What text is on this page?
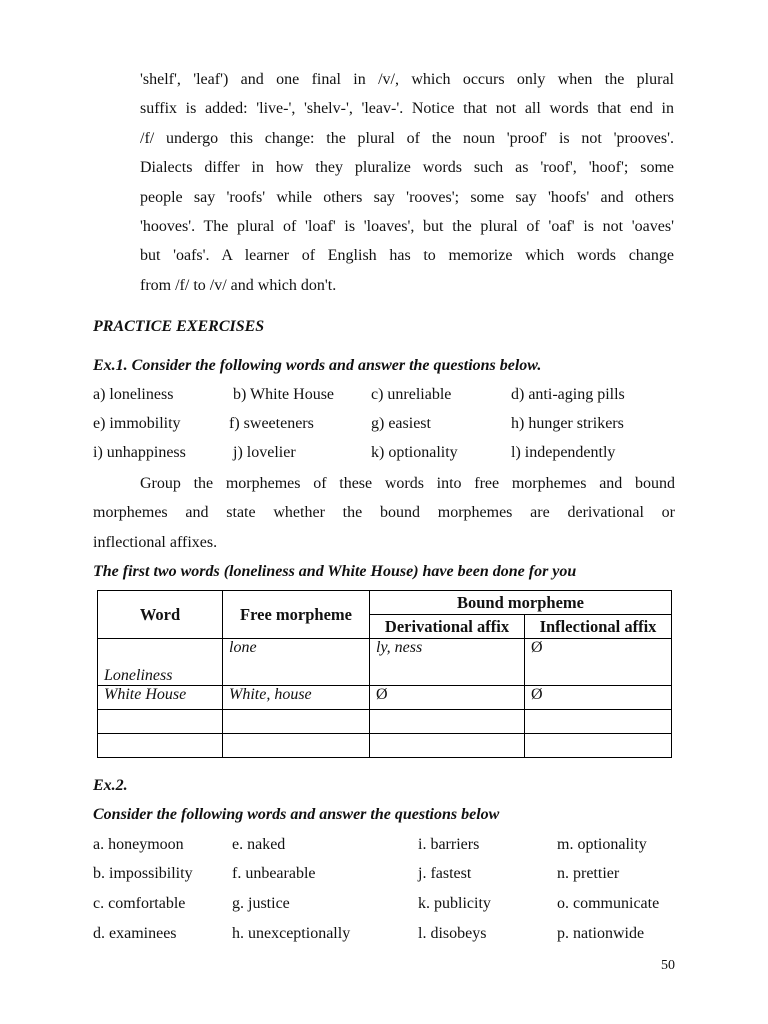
'shelf', 'leaf') and one final in /v/, which occurs only when the plural
suffix is added: 'live-', 'shelv-', 'leav-'. Notice that not all words that end in
/f/ undergo this change: the plural of the noun 'proof' is not 'prooves'.
Dialects differ in how they pluralize words such as 'roof', 'hoof'; some
people say 'roofs' while others say 'rooves'; some say 'hoofs' and others
'hooves'. The plural of 'loaf' is 'loaves', but the plural of 'oaf' is not 'oaves'
but 'oafs'. A learner of English has to memorize which words change
from /f/ to /v/ and which don't.
PRACTICE EXERCISES
Ex.1. Consider the following words and answer the questions below.
a) loneliness	b) White House c) unreliable	d) anti-aging pills
e) immobility	f) sweeteners	g) easiest	h) hunger strikers
i) unhappiness	j) lovelier	k) optionality	l) independently
Group the morphemes of these words into free morphemes and bound
morphemes and state whether the bound morphemes are derivational or
inflectional affixes.
The first two words (loneliness and White House) have been done for you
Word	Free morpheme	Bound morpheme	
		Derivational affix	Inflectional affix
Loneliness	lone	ly, ness	Ø
White House	White, house	Ø	Ø

Ex.2.
Consider the following words and answer the questions below
a. honeymoon	e. naked	i. barriers	m. optionality
b. impossibility f. unbearable	j. fastest	n. prettier
c. comfortable	g. justice	k. publicity	o. communicate
d. examinees	h. unexceptionally	l. disobeys	p. nationwide
50
